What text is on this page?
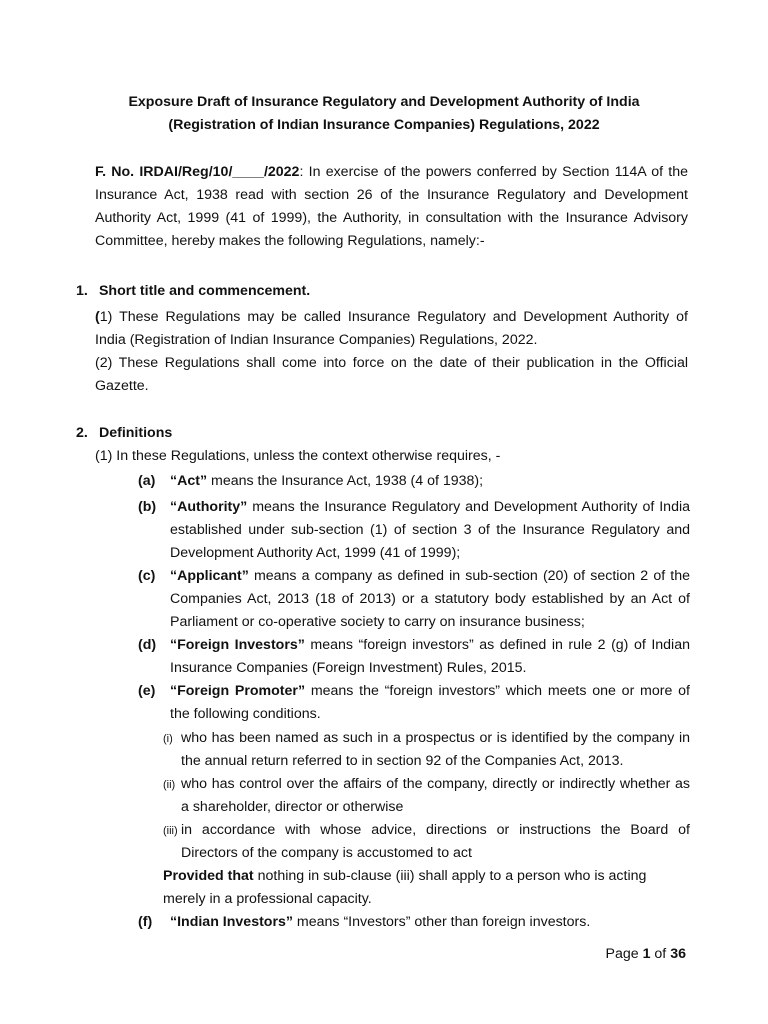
Exposure Draft of Insurance Regulatory and Development Authority of India
(Registration of Indian Insurance Companies) Regulations, 2022

F. No. IRDAI/Reg/10/____/2022: In exercise of the powers conferred by Section 114A of the Insurance Act, 1938 read with section 26 of the Insurance Regulatory and Development Authority Act, 1999 (41 of 1999), the Authority, in consultation with the Insurance Advisory Committee, hereby makes the following Regulations, namely:-

1. Short title and commencement.

(1) These Regulations may be called Insurance Regulatory and Development Authority of India (Registration of Indian Insurance Companies) Regulations, 2022.

(2) These Regulations shall come into force on the date of their publication in the Official Gazette.

2. Definitions
(1) In these Regulations, unless the context otherwise requires, -
(a) “Act” means the Insurance Act, 1938 (4 of 1938);
(b) “Authority” means the Insurance Regulatory and Development Authority of India established under sub-section (1) of section 3 of the Insurance Regulatory and Development Authority Act, 1999 (41 of 1999);
(c) “Applicant” means a company as defined in sub-section (20) of section 2 of the Companies Act, 2013 (18 of 2013) or a statutory body established by an Act of Parliament or co-operative society to carry on insurance business;
(d) “Foreign Investors” means “foreign investors” as defined in rule 2 (g) of Indian Insurance Companies (Foreign Investment) Rules, 2015.
(e) “Foreign Promoter” means the “foreign investors” which meets one or more of the following conditions.
(i) who has been named as such in a prospectus or is identified by the company in the annual return referred to in section 92 of the Companies Act, 2013.
(ii) who has control over the affairs of the company, directly or indirectly whether as a shareholder, director or otherwise
(iii) in accordance with whose advice, directions or instructions the Board of Directors of the company is accustomed to act
Provided that nothing in sub-clause (iii) shall apply to a person who is acting merely in a professional capacity.
(f) “Indian Investors” means “Investors” other than foreign investors.
Page 1 of 36
